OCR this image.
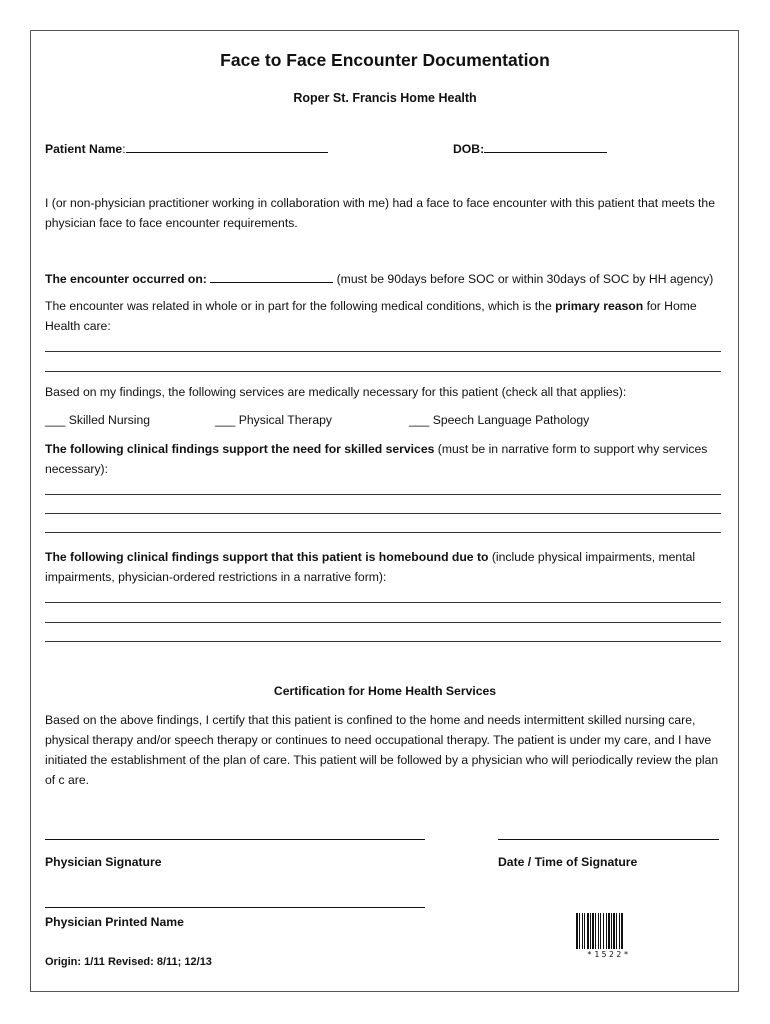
Face to Face Encounter Documentation
Roper St. Francis Home Health
Patient Name:	DOB:
I (or non-physician practitioner working in collaboration with me) had a face to face encounter with this patient that meets the physician face to face encounter requirements.
The encounter occurred on:	(must be 90days before SOC or within 30days of SOC by HH agency)
The encounter was related in whole or in part for the following medical conditions, which is the primary reason for Home Health care:
Based on my findings, the following services are medically necessary for this patient (check all that applies):
___ Skilled Nursing	___ Physical Therapy	___ Speech Language Pathology
The following clinical findings support the need for skilled services (must be in narrative form to support why services necessary):
The following clinical findings support that this patient is homebound due to (include physical impairments, mental impairments, physician-ordered restrictions in a narrative form):
Certification for Home Health Services
Based on the above findings, I certify that this patient is confined to the home and needs intermittent skilled nursing care, physical therapy and/or speech therapy or continues to need occupational therapy. The patient is under my care, and I have initiated the establishment of the plan of care. This patient will be followed by a physician who will periodically review the plan of c are.
Physician Signature	Date / Time of Signature
Physician Printed Name
Origin: 1/11 Revised: 8/11; 12/13
*1522*
